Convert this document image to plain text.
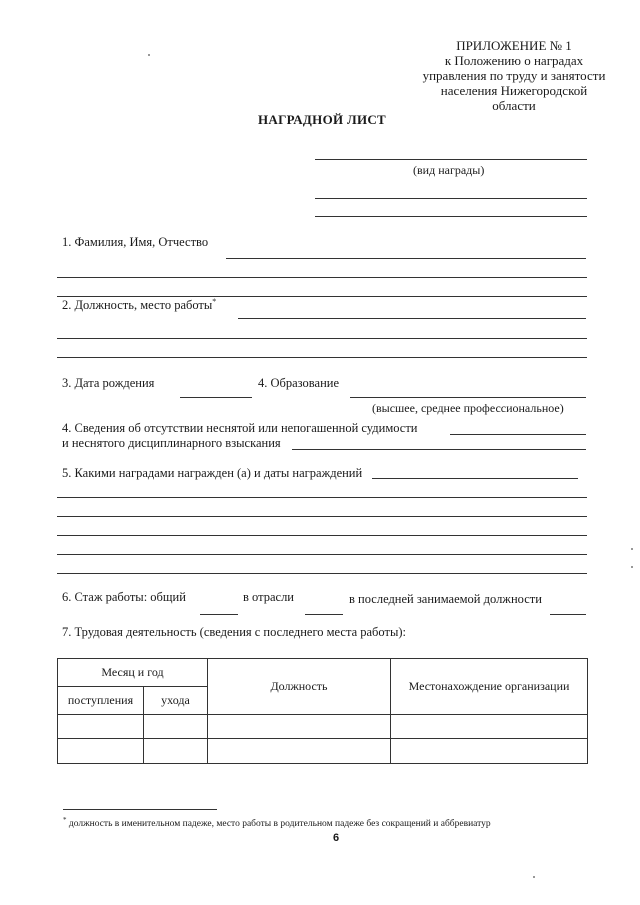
ПРИЛОЖЕНИЕ № 1
к Положению о наградах
управления по труду и занятости
населения Нижегородской
области
НАГРАДНОЙ ЛИСТ
(вид награды)
1. Фамилия, Имя, Отчество
2. Должность, место работы*
3. Дата рождения	4. Образование
(высшее, среднее профессиональное)
4. Сведения об отсутствии неснятой или непогашенной судимости
и неснятого дисциплинарного взыскания
5. Какими наградами награжден (а) и даты награждений
6. Стаж работы: общий	в отрасли	в последней занимаемой должности
7. Трудовая деятельность (сведения с последнего места работы):
Месяц и год		Должность	Местонахождение организации
поступления	ухода		

* должность в именительном падеже, место работы в родительном падеже без сокращений и аббревиатур
6
